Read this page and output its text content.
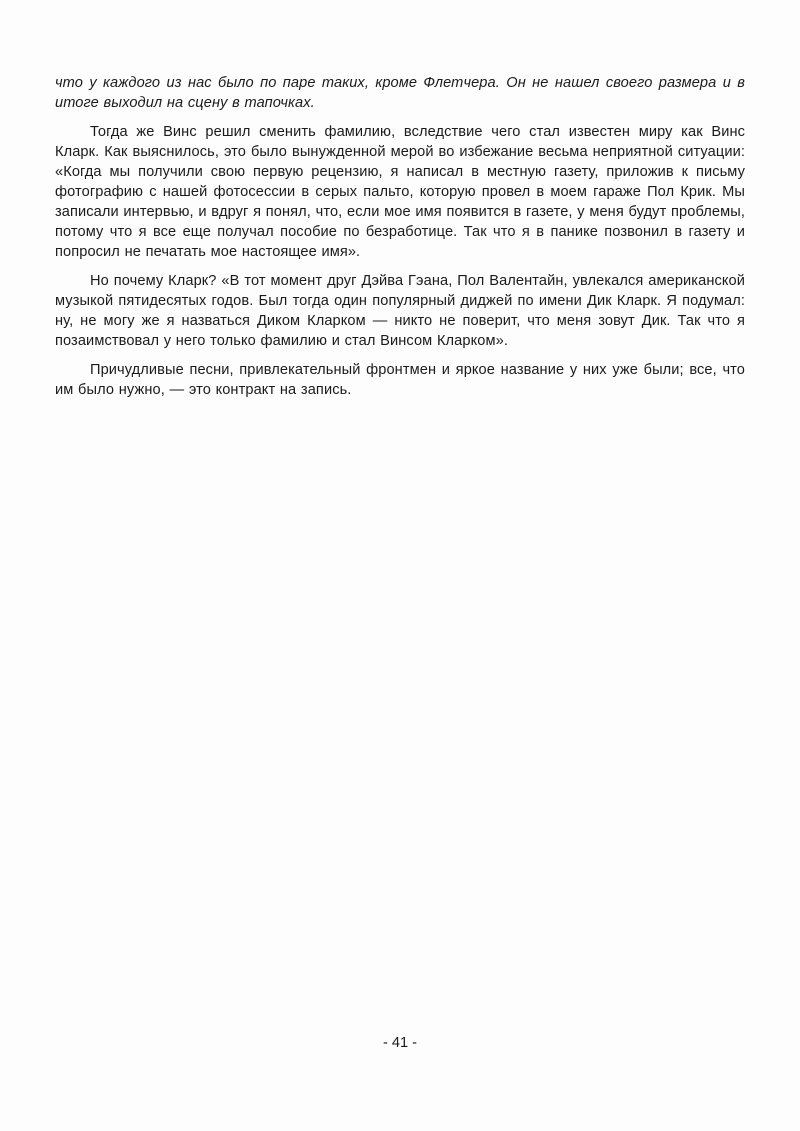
что у каждого из нас было по паре таких, кроме Флетчера. Он не нашел своего размера и в итоге выходил на сцену в тапочках.

Тогда же Винс решил сменить фамилию, вследствие чего стал известен миру как Винс Кларк. Как выяснилось, это было вынужденной мерой во избежание весьма неприятной ситуации: «Когда мы получили свою первую рецензию, я написал в местную газету, приложив к письму фотографию с нашей фотосессии в серых пальто, которую провел в моем гараже Пол Крик. Мы записали интервью, и вдруг я понял, что, если мое имя появится в газете, у меня будут проблемы, потому что я все еще получал пособие по безработице. Так что я в панике позвонил в газету и попросил не печатать мое настоящее имя».

Но почему Кларк? «В тот момент друг Дэйва Гэана, Пол Валентайн, увлекался американской музыкой пятидесятых годов. Был тогда один популярный диджей по имени Дик Кларк. Я подумал: ну, не могу же я назваться Диком Кларком — никто не поверит, что меня зовут Дик. Так что я позаимствовал у него только фамилию и стал Винсом Кларком».

Причудливые песни, привлекательный фронтмен и яркое название у них уже были; все, что им было нужно, — это контракт на запись.

- 41 -
